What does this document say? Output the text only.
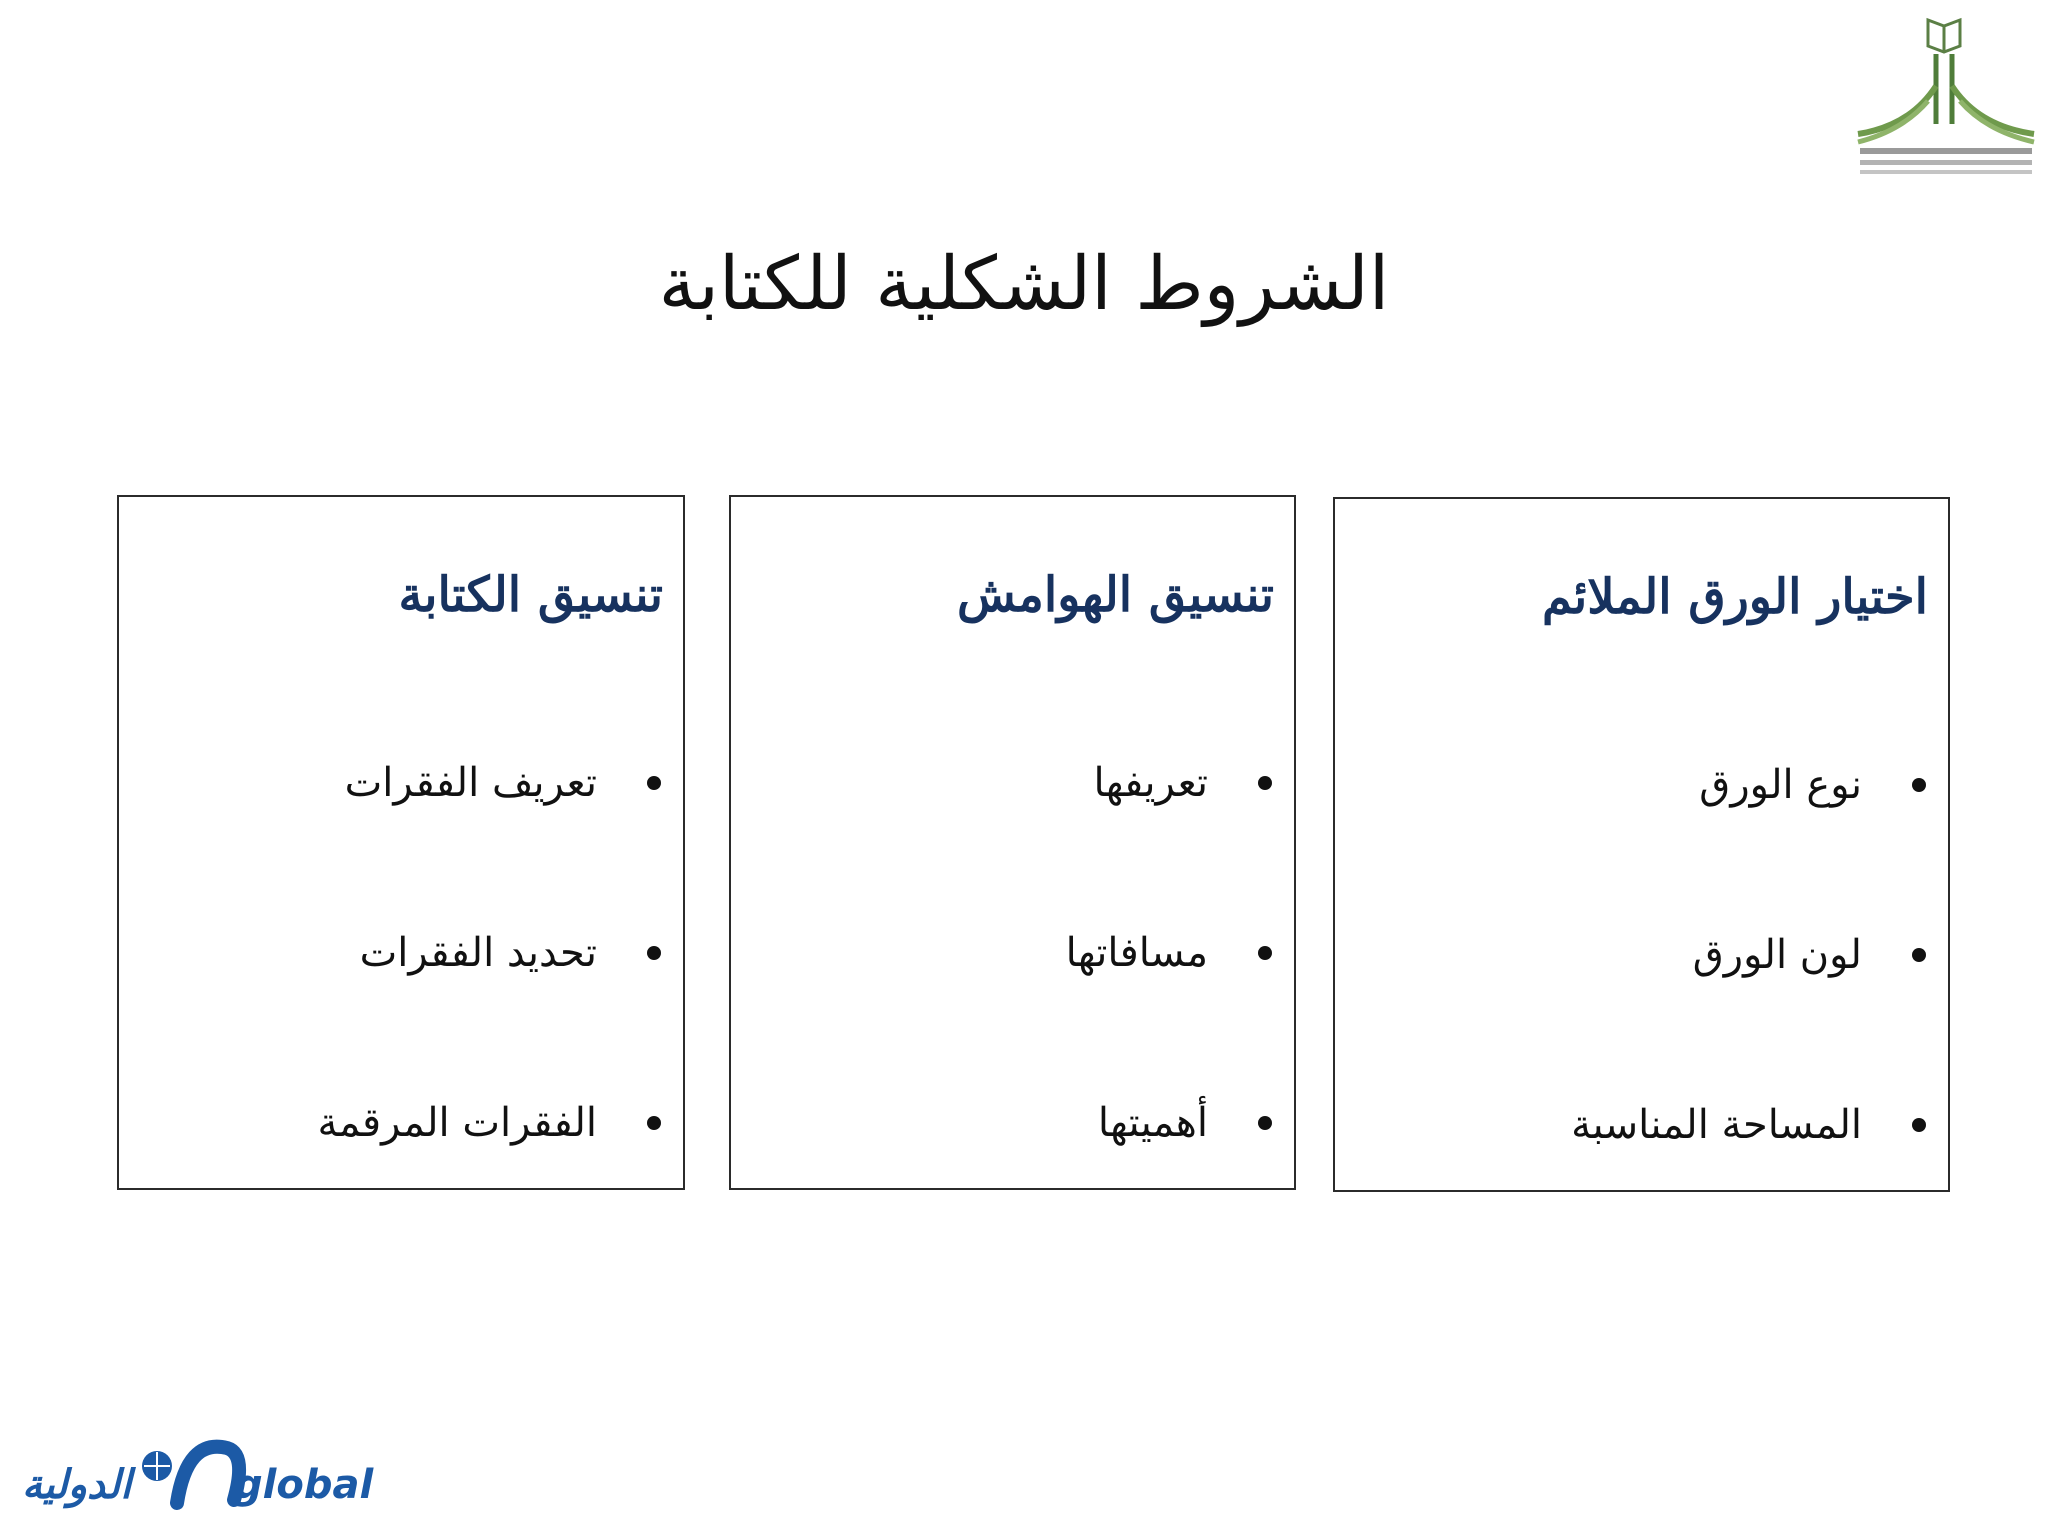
الشروط الشكلية للكتابة
اختيار الورق الملائم
نوع الورق
لون الورق
المساحة المناسبة
تنسيق الهوامش
تعريفها
مسافاتها
أهميتها
تنسيق الكتابة
تعريف الفقرات
تحديد الفقرات
الفقرات المرقمة
الدولية	global
